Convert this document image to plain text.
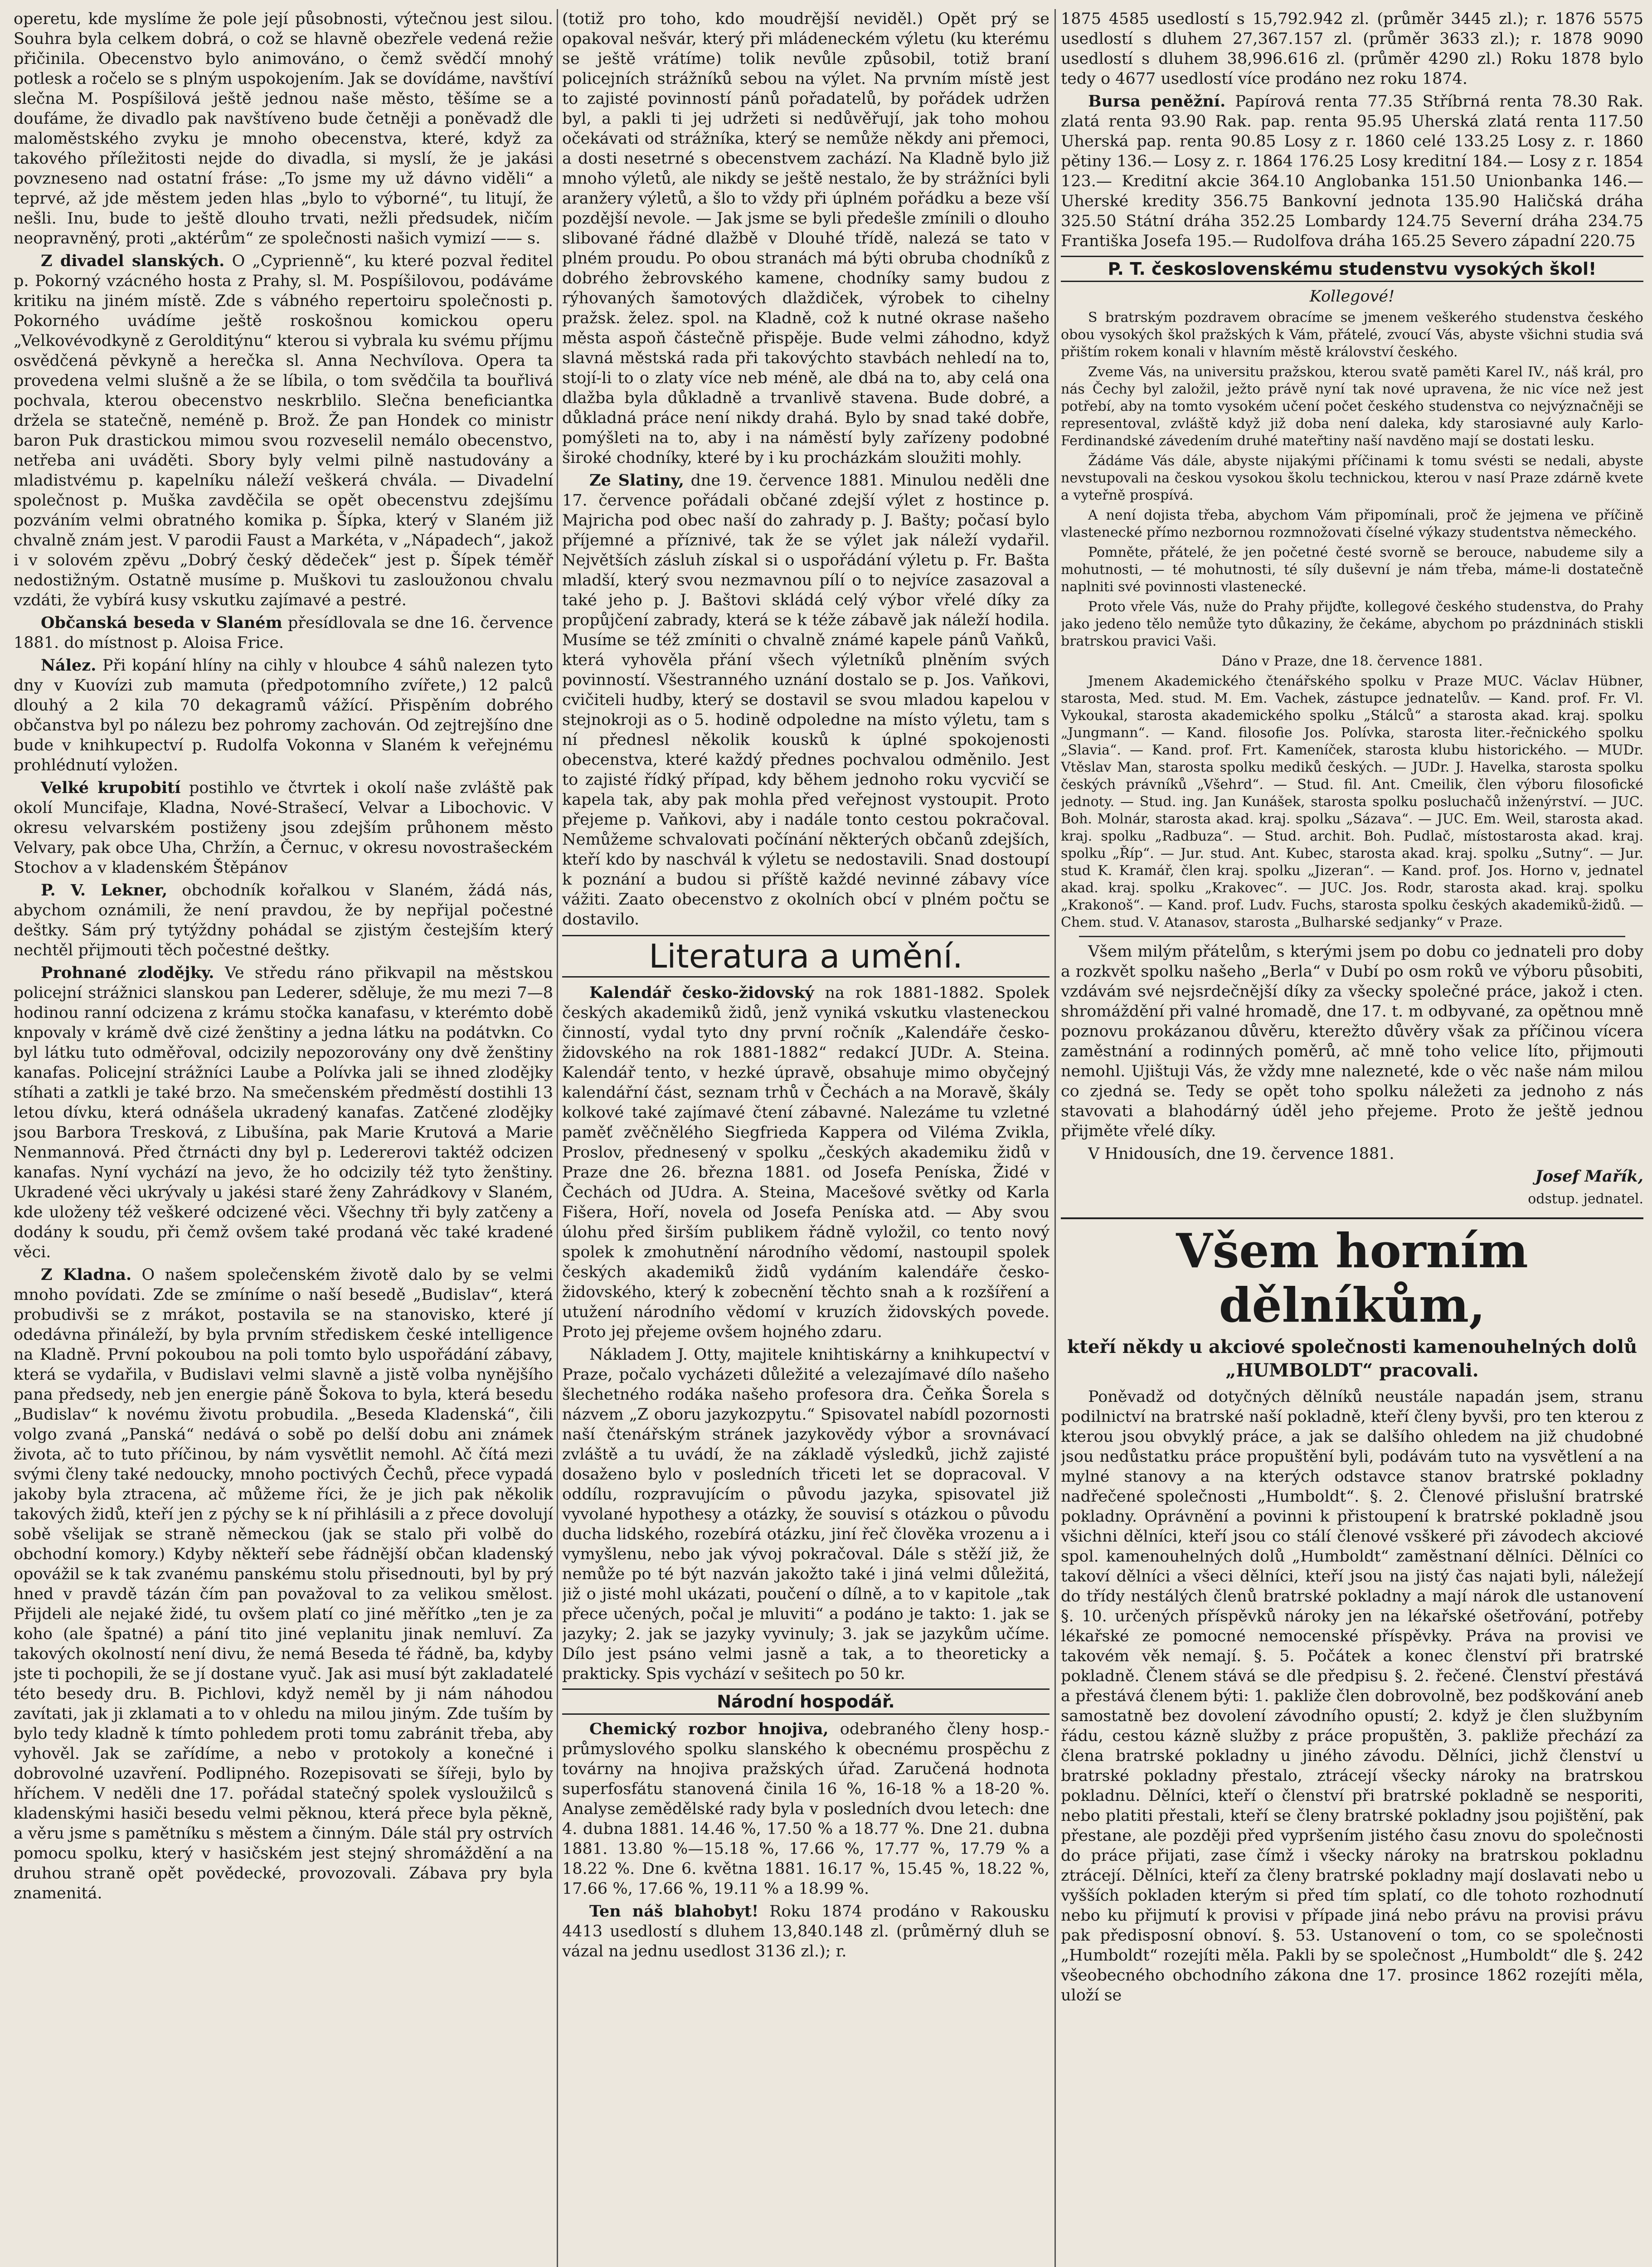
operetu, kde myslíme že pole její působnosti, výtečnou jest silou. Souhra byla celkem dobrá, o což se hlavně obezřele vedená režie přičinila. Obecenstvo bylo animováno, o čemž svědčí mnohý potlesk a ročelo se s plným uspokojením. Jak se dovídáme, navštíví slečna M. Pospíšilová ještě jednou naše město, těšíme se a doufáme, že divadlo pak navštíveno bude četněji a poněvadž dle maloměstského zvyku je mnoho obecenstva, které, když za takového příležitosti nejde do divadla, si myslí, že je jakási povzneseno nad ostatní fráse: „To jsme my už dávno viděli“ a teprvé, až jde městem jeden hlas „bylo to výborné“, tu litují, že nešli. Inu, bude to ještě dlouho trvati, nežli předsudek, ničím neopravněný, proti „aktérům“ ze společnosti našich vymizí —— s.

Z divadel slanských. O „Cyprienně“, ku které pozval ředitel p. Pokorný vzácného hosta z Prahy, sl. M. Pospíšilovou, podáváme kritiku na jiném místě. Zde s vábného repertoiru společnosti p. Pokorného uvádíme ještě roskošnou komickou operu „Velkovévodkyně z Gerolditýnu“ kterou si vybrala ku svému příjmu osvědčená pěvkyně a herečka sl. Anna Nechvílova. Opera ta provedena velmi slušně a že se líbila, o tom svědčila ta bouřlivá pochvala, kterou obecenstvo neskrblilo. Slečna beneficiantka držela se statečně, neméně p. Brož. Že pan Hondek co ministr baron Puk drastickou mimou svou rozveselil nemálo obecenstvo, netřeba ani uváděti. Sbory byly velmi pilně nastudovány a mladistvému p. kapelníku náleží veškerá chvála. — Divadelní společnost p. Muška zavděčila se opět obecenstvu zdejšímu pozváním velmi obratného komika p. Šípka, který v Slaném již chvalně znám jest. V parodii Faust a Markéta, v „Nápadech“, jakož i v solovém zpěvu „Dobrý český dědeček“ jest p. Šípek téměř nedostižným. Ostatně musíme p. Muškovi tu zasloužonou chvalu vzdáti, že vybírá kusy vskutku zajímavé a pestré.

Občanská beseda v Slaném přesídlovala se dne 16. července 1881. do místnost p. Aloisa Frice.

Nález. Při kopání hlíny na cihly v hloubce 4 sáhů nalezen tyto dny v Kuovízi zub mamuta (předpotomního zvířete,) 12 palců dlouhý a 2 kila 70 dekagramů vážící. Přispěním dobrého občanstva byl po nálezu bez pohromy zachován. Od zejtrejšíno dne bude v knihkupectví p. Rudolfa Vokonna v Slaném k veřejnému prohlédnutí vyložen.

Velké krupobití postihlo ve čtvrtek i okolí naše zvláště pak okolí Muncifaje, Kladna, Nové-Strašecí, Velvar a Libochovic. V okresu velvarském postiženy jsou zdejším průhonem město Velvary, pak obce Uha, Chržín, a Černuc, v okresu novostrašeckém Stochov a v kladenském Štěpánov

P. V. Lekner, obchodník kořalkou v Slaném, žádá nás, abychom oznámili, že není pravdou, že by nepřijal počestné deštky. Sám prý tytýždny pohádal se zjistým čestejším který nechtěl přijmouti těch počestné deštky.

Prohnané zlodějky. Ve středu ráno přikvapil na městskou policejní strážnici slanskou pan Lederer, sděluje, že mu mezi 7—8 hodinou ranní odcizena z krámu stočka kanafasu, v kterémto době knpovaly v krámě dvě cizé ženštiny a jedna látku na podátvkn. Co byl látku tuto odměřoval, odcizily nepozorovány ony dvě ženštiny kanafas. Policejní strážníci Laube a Polívka jali se ihned zlodějky stíhati a zatkli je také brzo. Na smečenském předměstí dostihli 13 letou dívku, která odnášela ukradený kanafas. Zatčené zlodějky jsou Barbora Tresková, z Libušína, pak Marie Krutová a Marie Nenmannová. Před čtrnácti dny byl p. Ledererovi taktéž odcizen kanafas. Nyní vychází na jevo, že ho odcizily též tyto ženštiny. Ukradené věci ukrývaly u jakési staré ženy Zahrádkovy v Slaném, kde uloženy též veškeré odcizené věci. Všechny tři byly zatčeny a dodány k soudu, při čemž ovšem také prodaná věc také kradené věci.

Z Kladna. O našem společenském životě dalo by se velmi mnoho povídati. Zde se zmíníme o naší besedě „Budislav“, která probudivši se z mrákot, postavila se na stanovisko, které jí odedávna přináleží, by byla prvním střediskem české intelligence na Kladně. První pokoubou na poli tomto bylo uspořádání zábavy, která se vydařila, v Budislavi velmi slavně a jistě volba nynějšího pana předsedy, neb jen energie páně Šokova to byla, která besedu „Budislav“ k novému životu probudila. „Beseda Kladenská“, čili volgo zvaná „Panská“ nedává o sobě po delší dobu ani známek života, ač to tuto příčinou, by nám vysvětlit nemohl. Ač čítá mezi svými členy také nedoucky, mnoho poctivých Čechů, přece vypadá jakoby byla ztracena, ač můžeme říci, že je jich pak několik takových židů, kteří jen z pýchy se k ní přihlásili a z přece dovolují sobě všelijak se straně německou (jak se stalo při volbě do obchodní komory.) Kdyby někteří sebe řádnější občan kladenský opovážil se k tak zvanému panskému stolu přisednouti, byl by prý hned v pravdě tázán čím pan považoval to za velikou smělost. Přijdeli ale nejaké židé, tu ovšem platí co jiné měřítko „ten je za koho (ale špatné) a pání tito jiné veplanitu jinak nemluví. Za takových okolností není divu, že nemá Beseda té řádně, ba, kdyby jste ti pochopili, že se jí dostane vyuč. Jak asi musí být zakladatelé této besedy dru. B. Pichlovi, když neměl by ji nám náhodou zavítati, jak ji zklamati a to v ohledu na milou jiným. Zde tuším by bylo tedy kladně k tímto pohledem proti tomu zabránit třeba, aby vyhověl. Jak se zařídíme, a nebo v protokoly a konečné i dobrovolné uzavření. Podlipného. Rozepisovati se šířeji, bylo by hříchem. V neděli dne 17. pořádal statečný spolek vysloužilců s kladenskými hasiči besedu velmi pěknou, která přece byla pěkně, a věru jsme s pamětníku s městem a činným. Dále stál pry ostrvích pomocu spolku, který v hasičském jest stejný shromáždění a na druhou straně opět povědecké, provozovali. Zábava pry byla znamenitá.

(totiž pro toho, kdo moudrější neviděl.) Opět prý se opakoval nešvár, který při mládeneckém výletu (ku kterému se ještě vrátíme) tolik nevůle způsobil, totiž braní policejních strážníků sebou na výlet. Na prvním místě jest to zajisté povinností pánů pořadatelů, by pořádek udržen byl, a pakli ti jej udržeti si nedůvěřují, jak toho mohou očekávati od strážníka, který se nemůže někdy ani přemoci, a dosti nesetrné s obecenstvem zachází. Na Kladně bylo již mnoho výletů, ale nikdy se ještě nestalo, že by strážníci byli aranžery výletů, a šlo to vždy při úplném pořádku a beze vší pozdější nevole. — Jak jsme se byli předešle zmínili o dlouho slibované řádné dlažbě v Dlouhé třídě, nalezá se tato v plném proudu. Po obou stranách má býti obruba chodníků z dobrého žebrovského kamene, chodníky samy budou z rýhovaných šamotových dlaždiček, výrobek to cihelny pražsk. želez. spol. na Kladně, což k nutné okrase našeho města aspoň částečně přispěje. Bude velmi záhodno, když slavná městská rada při takovýchto stavbách nehledí na to, stojí-li to o zlaty více neb méně, ale dbá na to, aby celá ona dlažba byla důkladně a trvanlivě stavena. Bude dobré, a důkladná práce není nikdy drahá. Bylo by snad také dobře, pomýšleti na to, aby i na náměstí byly zařízeny podobné široké chodníky, které by i ku procházkám sloužiti mohly.

Ze Slatiny, dne 19. července 1881. Minulou neděli dne 17. července pořádali občané zdejší výlet z hostince p. Majricha pod obec naší do zahrady p. J. Bašty; počasí bylo příjemné a příznivé, tak že se výlet jak náleží vydařil. Největších zásluh získal si o uspořádání výletu p. Fr. Bašta mladší, který svou nezmavnou pílí o to nejvíce zasazoval a také jeho p. J. Baštovi skládá celý výbor vřelé díky za propůjčení zabrady, která se k téže zábavě jak náleží hodila. Musíme se též zmíniti o chvalně známé kapele pánů Vaňků, která vyhověla přání všech výletníků plněním svých povinností. Všestranného uznání dostalo se p. Jos. Vaňkovi, cvičiteli hudby, který se dostavil se svou mladou kapelou v stejnokroji as o 5. hodině odpoledne na místo výletu, tam s ní přednesl několik kousků k úplné spokojenosti obecenstva, které každý přednes pochvalou odměnilo. Jest to zajisté řídký případ, kdy během jednoho roku vycvičí se kapela tak, aby pak mohla před veřejnost vystoupit. Proto přejeme p. Vaňkovi, aby i nadále tonto cestou pokračoval. Nemůžeme schvalovati počínání některých občanů zdejších, kteří kdo by naschvál k výletu se nedostavili. Snad dostoupí k poznání a budou si příště každé nevinné zábavy více vážiti. Zaato obecenstvo z okolních obcí v plném počtu se dostavilo.

Literatura a umění.

Kalendář česko-židovský na rok 1881-1882. Spolek českých akademiků židů, jenž vyniká vskutku vlasteneckou činností, vydal tyto dny první ročník „Kalendáře česko-židovského na rok 1881-1882“ redakcí JUDr. A. Steina. Kalendář tento, v hezké úpravě, obsahuje mimo obyčejný kalendářní část, seznam trhů v Čechách a na Moravě, škály kolkové také zajímavé čtení zábavné. Nalezáme tu vzletné paměť zvěčnělého Siegfrieda Kappera od Viléma Zvikla, Proslov, přednesený v spolku „českých akademiku židů v Praze dne 26. března 1881. od Josefa Peníska, Židé v Čechách od JUdra. A. Steina, Macešové světky od Karla Fišera, Hoří, novela od Josefa Peníska atd. — Aby svou úlohu před širším publikem řádně vyložil, co tento nový spolek k zmohutnění národního vědomí, nastoupil spolek českých akademiků židů vydáním kalendáře česko-židovského, který k zobecnění těchto snah a k rozšíření a utužení národního vědomí v kruzích židovských povede. Proto jej přejeme ovšem hojného zdaru.

Nákladem J. Otty, majitele knihtiskárny a knihkupectví v Praze, počalo vycházeti důležité a velezajímavé dílo našeho šlechetného rodáka našeho profesora dra. Čeňka Šorela s názvem „Z oboru jazykozpytu.“ Spisovatel nabídl pozornosti naší čtenářským stránek jazykovědy výbor a srovnávací zvláště a tu uvádí, že na základě výsledků, jichž zajisté dosaženo bylo v posledních třiceti let se dopracoval. V oddílu, rozpravujícím o původu jazyka, spisovatel již vyvolané hypothesy a otázky, že souvisí s otázkou o původu ducha lidského, rozebírá otázku, jiní řeč člověka vrozenu a i vymyšlenu, nebo jak vývoj pokračoval. Dále s stěží již, že nemůže po té být nazván jakožto také i jiná velmi důležitá, již o jisté mohl ukázati, poučení o dílně, a to v kapitole „tak přece učených, počal je mluviti“ a podáno je takto: 1. jak se jazyky; 2. jak se jazyky vyvinuly; 3. jak se jazykům učíme. Dílo jest psáno velmi jasně a tak, a to theoreticky a prakticky. Spis vychází v sešitech po 50 kr.

Národní hospodář.

Chemický rozbor hnojiva, odebraného členy hosp.-průmyslového spolku slanského k obecnému prospěchu z továrny na hnojiva pražských úřad. Zaručená hodnota superfosfátu stanovená činila 16 %, 16-18 % a 18-20 %. Analyse zemědělské rady byla v posledních dvou letech: dne 4. dubna 1881. 14.46 %, 17.50 % a 18.77 %. Dne 21. dubna 1881. 13.80 %—15.18 %, 17.66 %, 17.77 %, 17.79 % a 18.22 %. Dne 6. května 1881. 16.17 %, 15.45 %, 18.22 %, 17.66 %, 17.66 %, 19.11 % a 18.99 %.

Ten náš blahobyt! Roku 1874 prodáno v Rakousku 4413 usedlostí s dluhem 13,840.148 zl. (průměrný dluh se vázal na jednu usedlost 3136 zl.); r.

1875 4585 usedlostí s 15,792.942 zl. (průměr 3445 zl.); r. 1876 5575 usedlostí s dluhem 27,367.157 zl. (průměr 3633 zl.); r. 1878 9090 usedlostí s dluhem 38,996.616 zl. (průměr 4290 zl.) Roku 1878 bylo tedy o 4677 usedlostí více prodáno nez roku 1874.

Bursa peněžní. Papírová renta 77.35 Stříbrná renta 78.30 Rak. zlatá renta 93.90 Rak. pap. renta 95.95 Uherská zlatá renta 117.50 Uherská pap. renta 90.85 Losy z r. 1860 celé 133.25 Losy z. r. 1860 pětiny 136.— Losy z. r. 1864 176.25 Losy kreditní 184.— Losy z r. 1854 123.— Kreditní akcie 364.10 Anglobanka 151.50 Unionbanka 146.— Uherské kredity 356.75 Bankovní jednota 135.90 Haličská dráha 325.50 Státní dráha 352.25 Lombardy 124.75 Severní dráha 234.75 Františka Josefa 195.— Rudolfova dráha 165.25 Severo západní 220.75

P. T. československému studenstvu vysokých škol!

Kollegové!

S bratrským pozdravem obracíme se jmenem veškerého studenstva českého obou vysokých škol pražských k Vám, přátelé, zvoucí Vás, abyste všichni studia svá přištím rokem konali v hlavním městě království českého.

Zveme Vás, na universitu pražskou, kterou svatě paměti Karel IV., náš král, pro nás Čechy byl založil, ježto právě nyní tak nové upravena, že nic více než jest potřebí, aby na tomto vysokém učení počet českého studenstva co nejvýznačněji se representoval, zvláště když již doba není daleka, kdy starosiavné auly Karlo-Ferdinandské závedením druhé mateřtiny naší navděno mají se dostati lesku.

Žádáme Vás dále, abyste nijakými příčinami k tomu svésti se nedali, abyste nevstupovali na českou vysokou školu technickou, kterou v nasí Praze zdárně kvete a vyteřně prospívá.

A není dojista třeba, abychom Vám připomínali, proč že jejmena ve příčině vlastenecké přímo nezbornou rozmnožovati číselné výkazy studentstva německého.

Pomněte, přátelé, že jen početné česté svorně se berouce, nabudeme sily a mohutnosti, — té mohutnosti, té síly duševní je nám třeba, máme-li dostatečně naplniti své povinnosti vlastenecké.

Proto vřele Vás, nuže do Prahy přijďte, kollegové českého studenstva, do Prahy jako jedeno tělo nemůže tyto důkaziny, že čekáme, abychom po prázdninách stiskli bratrskou pravici Vaši.

Dáno v Praze, dne 18. července 1881.

Jmenem Akademického čtenářského spolku v Praze MUC. Václav Hübner, starosta, Med. stud. M. Em. Vachek, zástupce jednatelův. — Kand. prof. Fr. Vl. Vykoukal, starosta akademického spolku „Stálců“ a starosta akad. kraj. spolku „Jungmann“. — Kand. filosofie Jos. Polívka, starosta liter.-řečnického spolku „Slavia“. — Kand. prof. Frt. Kameníček, starosta klubu historického. — MUDr. Vtěslav Man, starosta spolku mediků českých. — JUDr. J. Havelka, starosta spolku českých právníků „Všehrd“. — Stud. fil. Ant. Cmeilik, člen výboru filosofické jednoty. — Stud. ing. Jan Kunášek, starosta spolku posluchačů inženýrství. — JUC. Boh. Molnár, starosta akad. kraj. spolku „Sázava“. — JUC. Em. Weil, starosta akad. kraj. spolku „Radbuza“. — Stud. archit. Boh. Pudlač, místostarosta akad. kraj. spolku „Říp“. — Jur. stud. Ant. Kubec, starosta akad. kraj. spolku „Sutny“. — Jur. stud K. Kramář, člen kraj. spolku „Jizeran“. — Kand. prof. Jos. Horno v, jednatel akad. kraj. spolku „Krakovec“. — JUC. Jos. Rodr, starosta akad. kraj. spolku „Krakonoš“. — Kand. prof. Ludv. Fuchs, starosta spolku českých akademiků-židů. — Chem. stud. V. Atanasov, starosta „Bulharské sedjanky“ v Praze.

Všem milým přátelům, s kterými jsem po dobu co jednateli pro doby a rozkvět spolku našeho „Berla“ v Dubí po osm roků ve výboru působiti, vzdávám své nejsrdečnější díky za všecky společné práce, jakož i cten. shromáždění při valné hromadě, dne 17. t. m odbyvané, za opětnou mně poznovu prokázanou důvěru, kterežto důvěry však za příčinou vícera zaměstnání a rodinných poměrů, ač mně toho velice líto, přijmouti nemohl. Ujištuji Vás, že vždy mne nalezneté, kde o věc naše nám milou co zjedná se. Tedy se opět toho spolku náležeti za jednoho z nás stavovati a blahodárný úděl jeho přejeme. Proto že ještě jednou přijměte vřelé díky.

V Hnidousích, dne 19. července 1881.

Josef Mařík,

odstup. jednatel.

Všem horním dělníkům,
kteří někdy u akciové společnosti kamenouhelných dolů „HUMBOLDT“ pracovali.

Poněvadž od dotyčných dělníků neustále napadán jsem, stranu podilnictví na bratrské naší pokladně, kteří členy byvši, pro ten kterou z kterou jsou obvyklý práce, a jak se dalšího ohledem na již chudobné jsou nedůstatku práce propuštění byli, podávám tuto na vysvětlení a na mylné stanovy a na kterých odstavce stanov bratrské pokladny nadřečené společnosti „Humboldt“. §. 2. Členové přislušní bratrské pokladny. Oprávnění a povinni k přistoupení k bratrské pokladně jsou všichni dělníci, kteří jsou co stálí členové vsškeré při závodech akciové spol. kamenouhelných dolů „Humboldt“ zaměstnaní dělníci. Dělníci co takoví dělníci a všeci dělníci, kteří jsou na jistý čas najati byli, náležejí do třídy nestálých členů bratrské pokladny a mají nárok dle ustanovení §. 10. určených příspěvků nároky jen na lékařské ošetřování, potřeby lékařské ze pomocné nemocenské příspěvky. Práva na provisi ve takovém věk nemají. §. 5. Počátek a konec členství při bratrské pokladně. Členem stává se dle předpisu §. 2. řečené. Členství přestává a přestává členem býti: 1. pakliže člen dobrovolně, bez podškování aneb samostatně bez dovolení závodního opustí; 2. když je člen službyním řádu, cestou kázně služby z práce propuštěn, 3. pakliže přechází za člena bratrské pokladny u jiného závodu. Dělníci, jichž členství u bratrské pokladny přestalo, ztrácejí všecky nároky na bratrskou pokladnu. Dělníci, kteří o členství při bratrské pokladně se nesporiti, nebo platiti přestali, kteří se členy bratrské pokladny jsou pojištění, pak přestane, ale později před vypršením jistého času znovu do společnosti do práce přijati, zase čímž i všecky nároky na bratrskou pokladnu ztrácejí. Dělníci, kteří za členy bratrské pokladny mají doslavati nebo u vyšších pokladen kterým si před tím splatí, co dle tohoto rozhodnutí nebo ku přijmutí k provisi v případe jiná nebo právu na provisi právu pak předisposní obnoví. §. 53. Ustanovení o tom, co se společnosti „Humboldt“ rozejíti měla. Pakli by se společnost „Humboldt“ dle §. 242 všeobecného obchodního zákona dne 17. prosince 1862 rozejíti měla, uloží se
